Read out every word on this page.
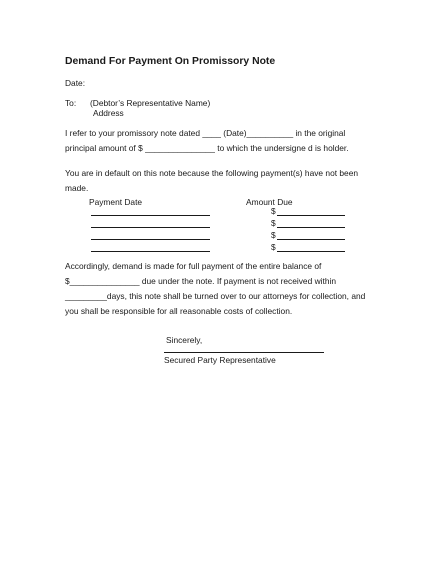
Demand For Payment On Promissory Note
Date:
To: (Debtor’s Representative Name)
Address
I refer to your promissory note dated ____ (Date)__________ in the original
principal amount of $ _______________ to which the undersigne d is holder.
You are in default on this note because the following payment(s) have not been
made.
Payment Date	Amount Due
$
$
$
$
Accordingly, demand is made for full payment of the entire balance of
$_______________ due under the note. If payment is not received within
_________days, this note shall be turned over to our attorneys for collection, and
you shall be responsible for all reasonable costs of collection.
Sincerely,
Secured Party Representative
